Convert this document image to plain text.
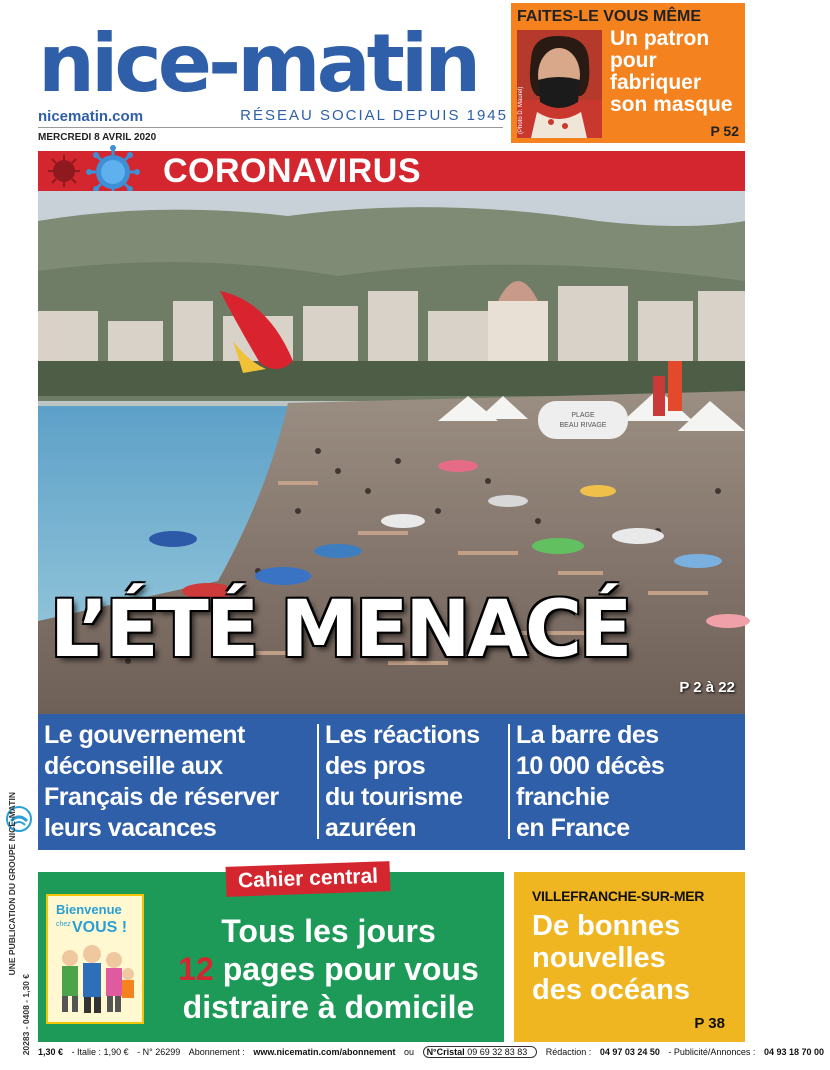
nice-matin
nicematin.com	RÉSEAU SOCIAL DEPUIS 1945
MERCREDI 8 AVRIL 2020
FAITES-LE VOUS MÊME
(Photo D. Maurel)
Un patron
pour
fabriquer
son masque
P 52
CORONAVIRUS
PLAGE
BEAU RIVAGE
L’ÉTÉ MENACÉ
P 2 à 22
Le gouvernement
déconseille aux
Français de réserver
leurs vacances
Les réactions
des pros
du tourisme
azuréen
La barre des
10 000 décès
franchie
en France
UNE PUBLICATION DU GROUPE NICE-MATIN
20283 - 0408 - 1,30 €
Cahier central
Bienvenue
chez VOUS !	Tous les jours
12 pages pour vous
distraire à domicile
VILLEFRANCHE-SUR-MER
De bonnes
nouvelles
des océans
P 38
1,30 € - Italie : 1,90 € - N° 26299 Abonnement : www.nicematin.com/abonnement ou N°Cristal 09 69 32 83 83 Rédaction : 04 97 03 24 50 - Publicité/Annonces : 04 93 18 70 00
